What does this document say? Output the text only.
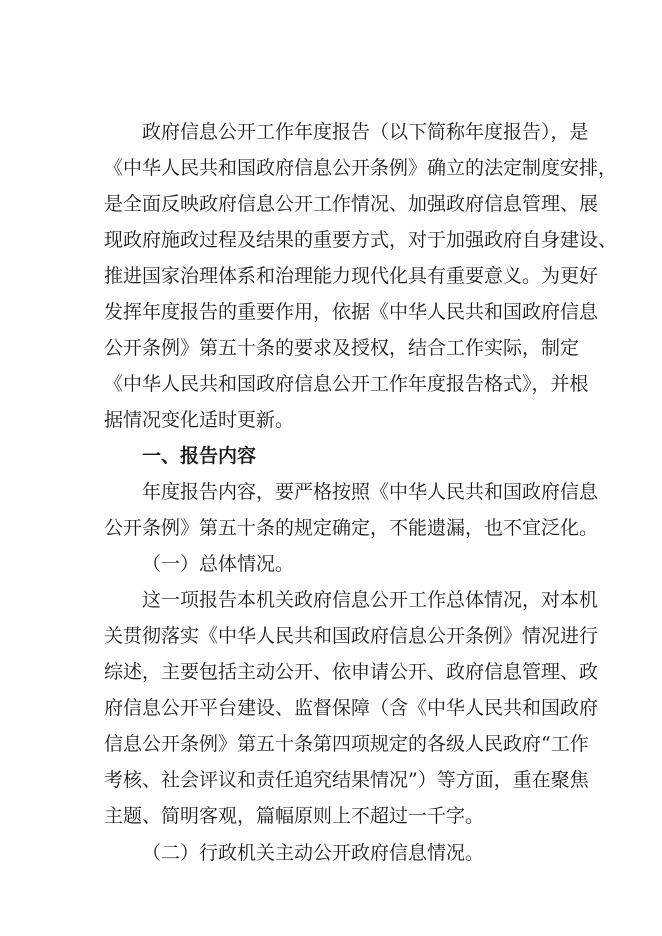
政府信息公开工作年度报告（以下简称年度报告），是
《中华人民共和国政府信息公开条例》确立的法定制度安排，
是全面反映政府信息公开工作情况、加强政府信息管理、展
现政府施政过程及结果的重要方式，对于加强政府自身建设、
推进国家治理体系和治理能力现代化具有重要意义。为更好
发挥年度报告的重要作用，依据《中华人民共和国政府信息
公开条例》第五十条的要求及授权，结合工作实际，制定
《中华人民共和国政府信息公开工作年度报告格式》，并根
据情况变化适时更新。
一、报告内容
年度报告内容，要严格按照《中华人民共和国政府信息
公开条例》第五十条的规定确定，不能遗漏，也不宜泛化。
（一）总体情况。
这一项报告本机关政府信息公开工作总体情况，对本机
关贯彻落实《中华人民共和国政府信息公开条例》情况进行
综述，主要包括主动公开、依申请公开、政府信息管理、政
府信息公开平台建设、监督保障（含《中华人民共和国政府
信息公开条例》第五十条第四项规定的各级人民政府“工作
考核、社会评议和责任追究结果情况”）等方面，重在聚焦
主题、简明客观，篇幅原则上不超过一千字。
（二）行政机关主动公开政府信息情况。
